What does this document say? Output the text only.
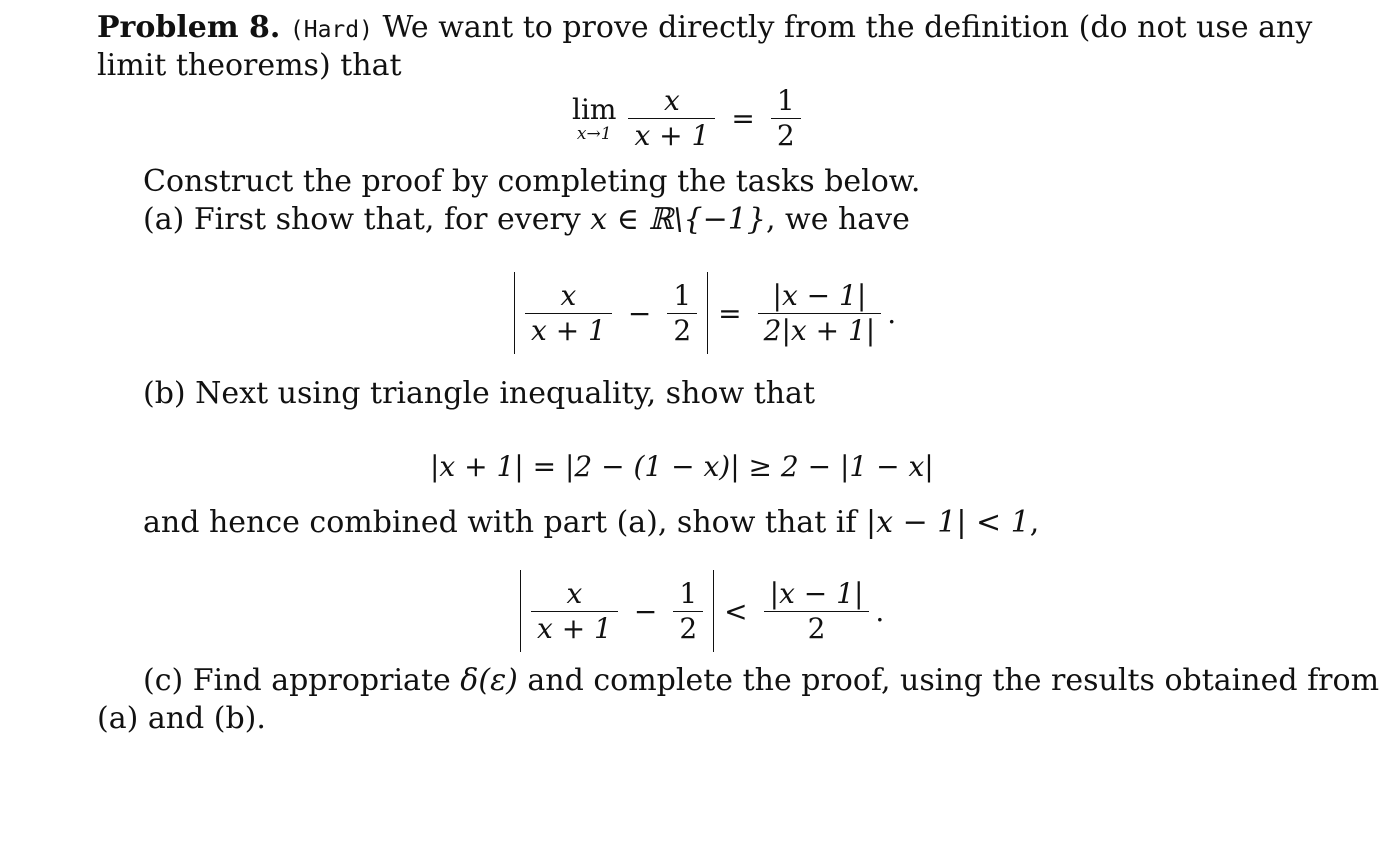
Problem 8. (Hard) We want to prove directly from the definition (do not use any
limit theorems) that
lim
$x\to 1 \frac{x}{x + 1} = \frac{1}{2}$
Construct the proof by completing the tasks below.
(a) First show that, for every x ∈ ℝ\{−1}, we have
$\frac{x}{x + 1} - \frac{1}{2} = \frac{|x - 1|}{2|x + 1|}$ .
(b) Next using triangle inequality, show that
|x + 1| = |2 − (1 − x)| ≥ 2 − |1 − x|
and hence combined with part (a), show that if |x − 1| < 1,
$\frac{x}{x + 1} - \frac{1}{2} < \frac{|x - 1|}{2}$ .
(c) Find appropriate δ(ε) and complete the proof, using the results obtained from
(a) and (b).
